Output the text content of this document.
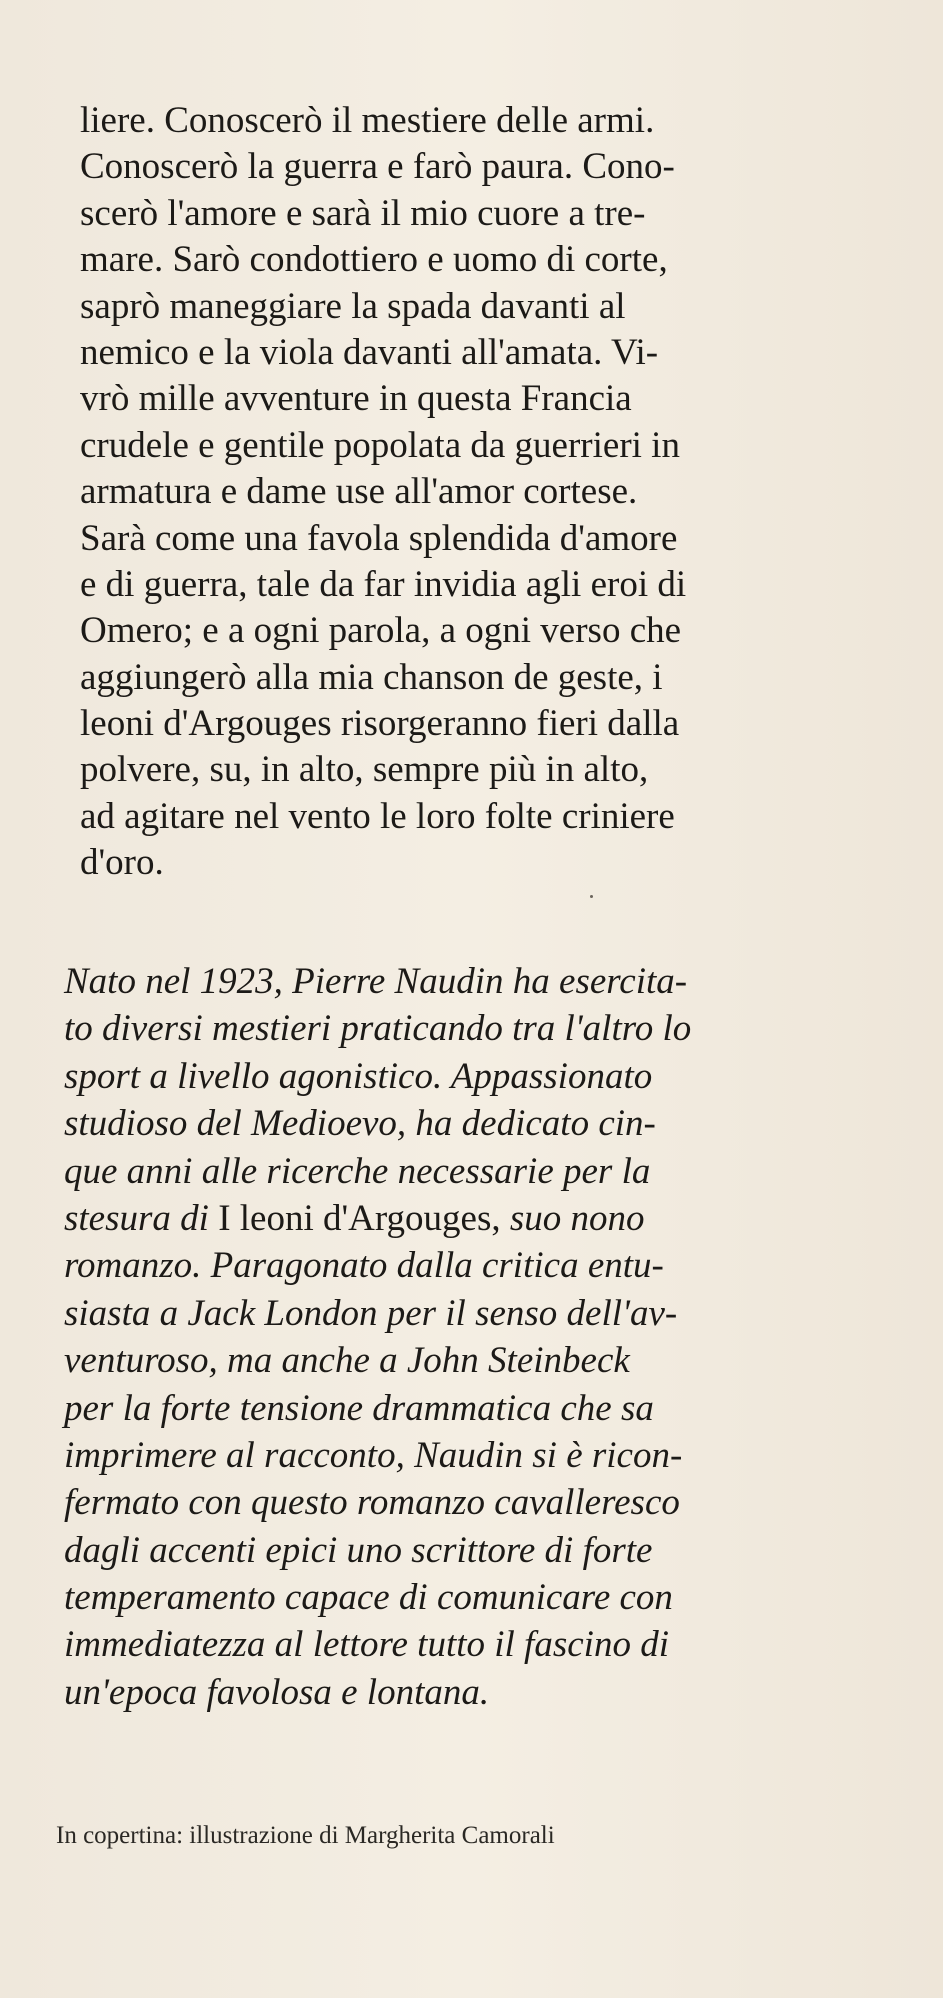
liere. Conoscerò il mestiere delle armi.
Conoscerò la guerra e farò paura. Cono-
scerò l'amore e sarà il mio cuore a tre-
mare. Sarò condottiero e uomo di corte,
saprò maneggiare la spada davanti al
nemico e la viola davanti all'amata. Vi-
vrò mille avventure in questa Francia
crudele e gentile popolata da guerrieri in
armatura e dame use all'amor cortese.
Sarà come una favola splendida d'amore
e di guerra, tale da far invidia agli eroi di
Omero; e a ogni parola, a ogni verso che
aggiungerò alla mia chanson de geste, i
leoni d'Argouges risorgeranno fieri dalla
polvere, su, in alto, sempre più in alto,
ad agitare nel vento le loro folte criniere
d'oro.
Nato nel 1923, Pierre Naudin ha esercita-
to diversi mestieri praticando tra l'altro lo
sport a livello agonistico. Appassionato
studioso del Medioevo, ha dedicato cin-
que anni alle ricerche necessarie per la
stesura di I leoni d'Argouges, suo nono
romanzo. Paragonato dalla critica entu-
siasta a Jack London per il senso dell'av-
venturoso, ma anche a John Steinbeck
per la forte tensione drammatica che sa
imprimere al racconto, Naudin si è ricon-
fermato con questo romanzo cavalleresco
dagli accenti epici uno scrittore di forte
temperamento capace di comunicare con
immediatezza al lettore tutto il fascino di
un'epoca favolosa e lontana.
In copertina: illustrazione di Margherita Camorali
